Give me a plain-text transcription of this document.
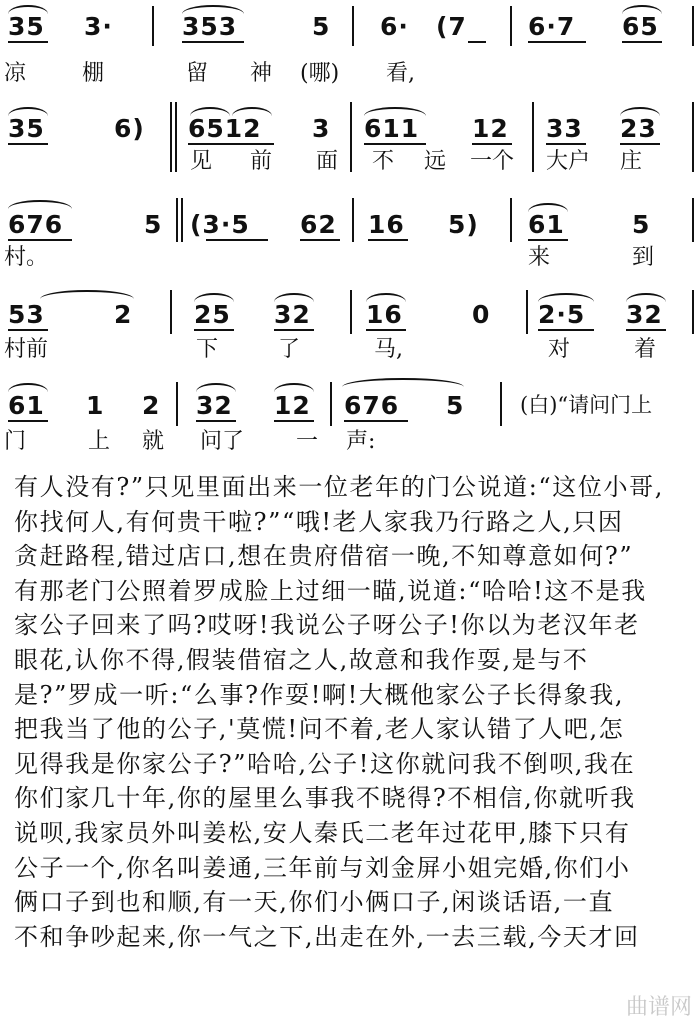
35 3·	353	5 6· (7 6·7 65
凉	棚	留 神 (哪) 看,
35	6) 6512 3 611 12 33 23
见 前 面 不 远 一个 大户 庄
676	5 (3·5 62 16 5) 61	5
村。	来	到
53	2 25 32 16	0 2·5 32
村前	下	了	马,	对	着
61 1 2 32 12 676 5	(白)“请问门上
门	上 就 问了 一 声:
有人没有?”只见里面出来一位老年的门公说道:“这位小哥,
你找何人,有何贵干啦?”“哦!老人家我乃行路之人,只因
贪赶路程,错过店口,想在贵府借宿一晚,不知尊意如何?”
有那老门公照着罗成脸上过细一瞄,说道:“哈哈!这不是我
家公子回来了吗?哎呀!我说公子呀公子!你以为老汉年老
眼花,认你不得,假装借宿之人,故意和我作耍,是与不
是?”罗成一听:“么事?作耍!啊!大概他家公子长得象我,
把我当了他的公子,'莫慌!问不着,老人家认错了人吧,怎
见得我是你家公子?”哈哈,公子!这你就问我不倒呗,我在
你们家几十年,你的屋里么事我不晓得?不相信,你就听我
说呗,我家员外叫姜松,安人秦氏二老年过花甲,膝下只有
公子一个,你名叫姜通,三年前与刘金屏小姐完婚,你们小
俩口子到也和顺,有一天,你们小俩口子,闲谈话语,一直
不和争吵起来,你一气之下,出走在外,一去三载,今天才回
曲谱网
